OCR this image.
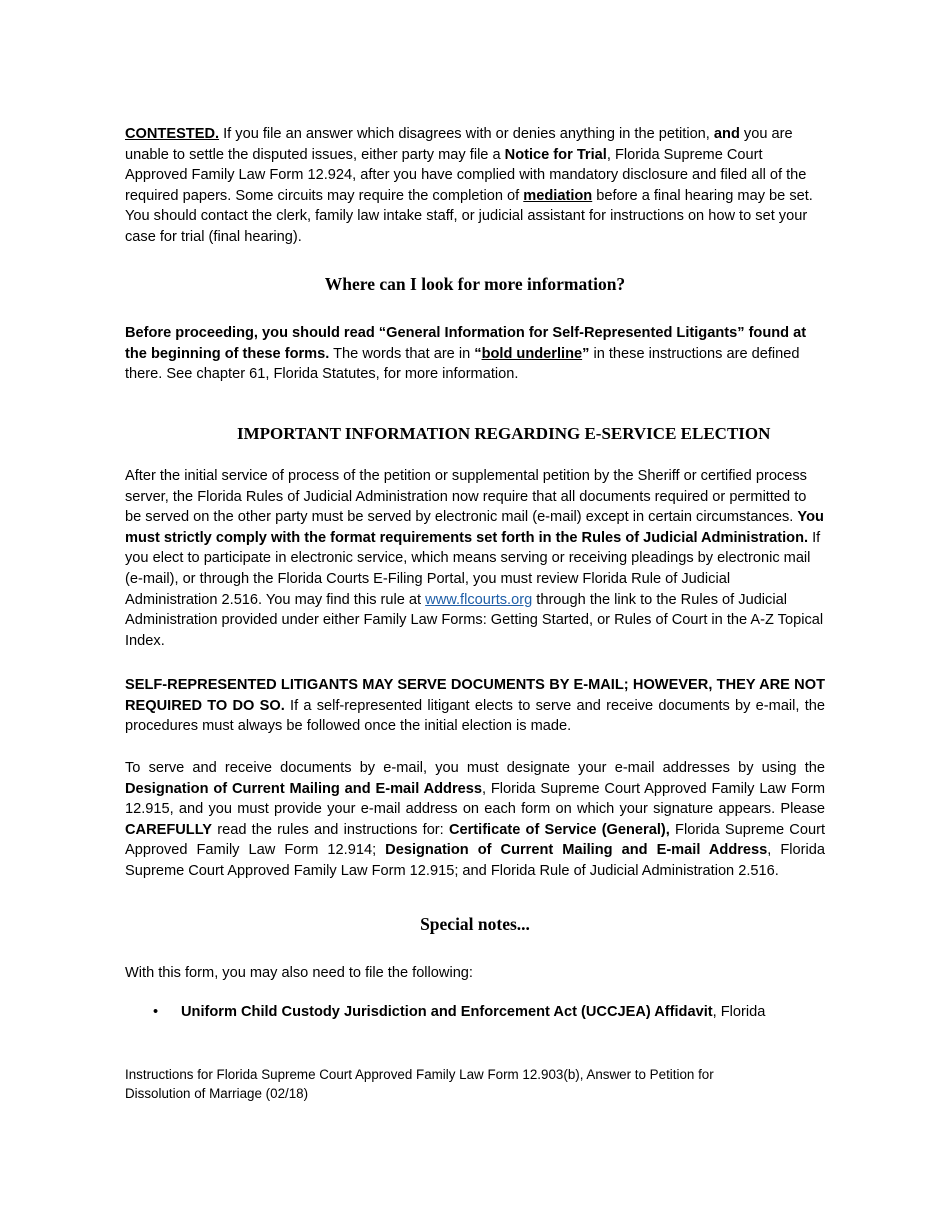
CONTESTED. If you file an answer which disagrees with or denies anything in the petition, and you are unable to settle the disputed issues, either party may file a Notice for Trial, Florida Supreme Court Approved Family Law Form 12.924, after you have complied with mandatory disclosure and filed all of the required papers. Some circuits may require the completion of mediation before a final hearing may be set. You should contact the clerk, family law intake staff, or judicial assistant for instructions on how to set your case for trial (final hearing).

Where can I look for more information?

Before proceeding, you should read “General Information for Self-Represented Litigants” found at the beginning of these forms. The words that are in “bold underline” in these instructions are defined there. See chapter 61, Florida Statutes, for more information.

IMPORTANT INFORMATION REGARDING E-SERVICE ELECTION

After the initial service of process of the petition or supplemental petition by the Sheriff or certified process server, the Florida Rules of Judicial Administration now require that all documents required or permitted to be served on the other party must be served by electronic mail (e-mail) except in certain circumstances. You must strictly comply with the format requirements set forth in the Rules of Judicial Administration. If you elect to participate in electronic service, which means serving or receiving pleadings by electronic mail (e-mail), or through the Florida Courts E-Filing Portal, you must review Florida Rule of Judicial Administration 2.516. You may find this rule at www.flcourts.org through the link to the Rules of Judicial Administration provided under either Family Law Forms: Getting Started, or Rules of Court in the A-Z Topical Index.

SELF-REPRESENTED LITIGANTS MAY SERVE DOCUMENTS BY E-MAIL; HOWEVER, THEY ARE NOT REQUIRED TO DO SO. If a self-represented litigant elects to serve and receive documents by e-mail, the procedures must always be followed once the initial election is made.

To serve and receive documents by e-mail, you must designate your e-mail addresses by using the Designation of Current Mailing and E-mail Address, Florida Supreme Court Approved Family Law Form 12.915, and you must provide your e-mail address on each form on which your signature appears. Please CAREFULLY read the rules and instructions for: Certificate of Service (General), Florida Supreme Court Approved Family Law Form 12.914; Designation of Current Mailing and E-mail Address, Florida Supreme Court Approved Family Law Form 12.915; and Florida Rule of Judicial Administration 2.516.

Special notes...

With this form, you may also need to file the following:

• Uniform Child Custody Jurisdiction and Enforcement Act (UCCJEA) Affidavit, Florida
Instructions for Florida Supreme Court Approved Family Law Form 12.903(b), Answer to Petition for
Dissolution of Marriage (02/18)
